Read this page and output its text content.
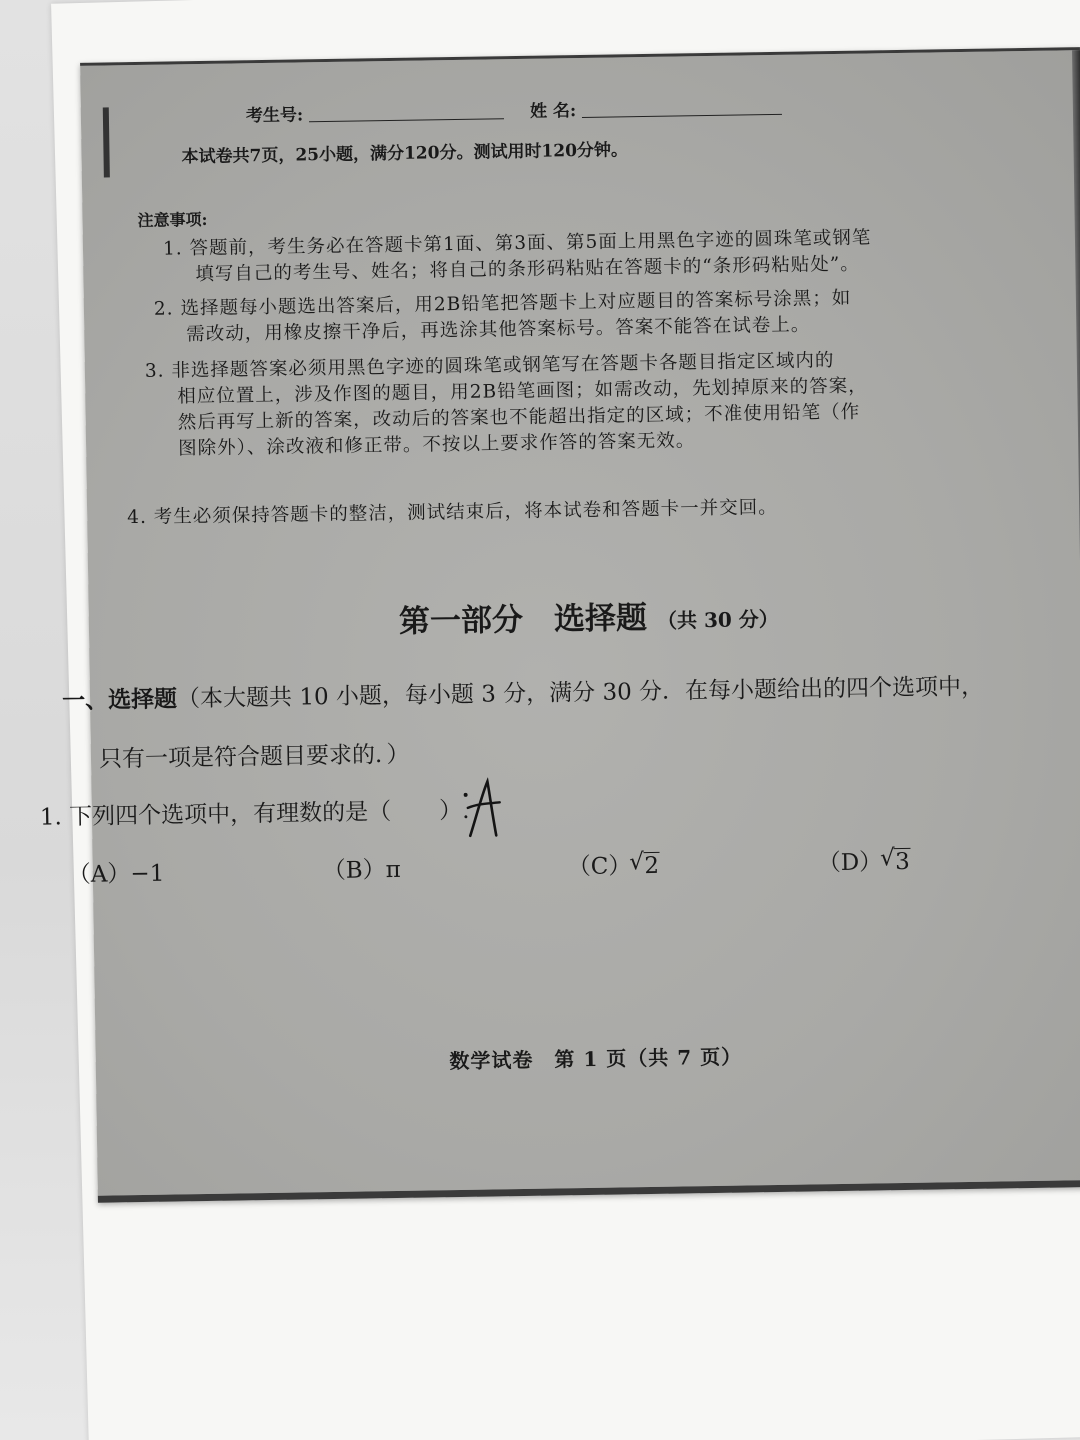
考生号:	姓 名:
本试卷共7页，25小题，满分120分。测试用时120分钟。
注意事项:
1. 答题前，考生务必在答题卡第1面、第3面、第5面上用黑色字迹的圆珠笔或钢笔
填写自己的考生号、姓名；将自己的条形码粘贴在答题卡的“条形码粘贴处”。
2. 选择题每小题选出答案后，用2B铅笔把答题卡上对应题目的答案标号涂黑；如
需改动，用橡皮擦干净后，再选涂其他答案标号。答案不能答在试卷上。
3. 非选择题答案必须用黑色字迹的圆珠笔或钢笔写在答题卡各题目指定区域内的
相应位置上，涉及作图的题目，用2B铅笔画图；如需改动，先划掉原来的答案，
然后再写上新的答案，改动后的答案也不能超出指定的区域；不准使用铅笔（作
图除外）、涂改液和修正带。不按以上要求作答的答案无效。
4. 考生必须保持答题卡的整洁，测试结束后，将本试卷和答题卡一并交回。
第一部分　选择题 （共 30 分）
一、选择题（本大题共 10 小题，每小题 3 分，满分 30 分．在每小题给出的四个选项中，
只有一项是符合题目要求的．）
1. 下列四个选项中，有理数的是（ ）.
（A）−1	（B）π	（C） √ 2	（D） √ 3
数学试卷　第 1 页（共 7 页）
